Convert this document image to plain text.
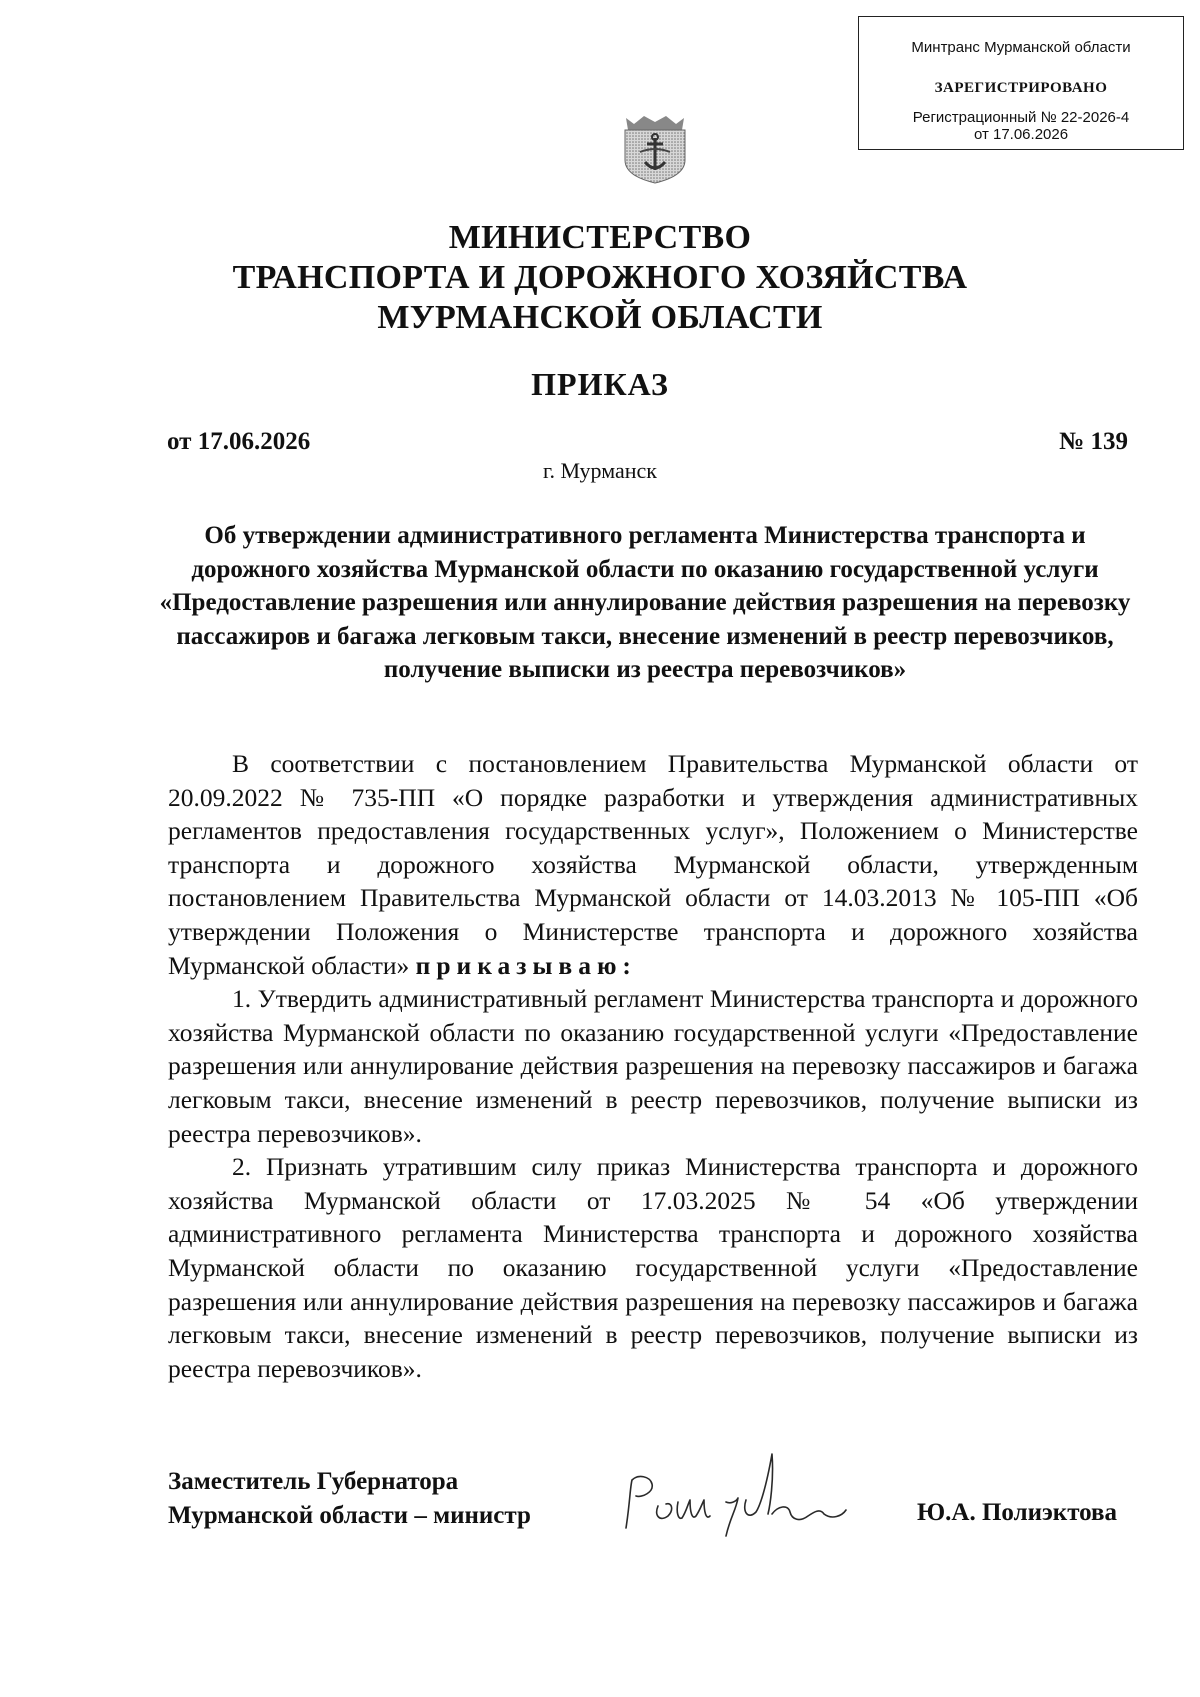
Минтранс Мурманской области
ЗАРЕГИСТРИРОВАНО
Регистрационный № 22-2026-4
от 17.06.2026
МИНИСТЕРСТВО
ТРАНСПОРТА И ДОРОЖНОГО ХОЗЯЙСТВА
МУРМАНСКОЙ ОБЛАСТИ
ПРИКАЗ
от 17.06.2026	№ 139
г. Мурманск
Об утверждении административного регламента Министерства транспорта и дорожного хозяйства Мурманской области по оказанию государственной услуги «Предоставление разрешения или аннулирование действия разрешения на перевозку пассажиров и багажа легковым такси, внесение изменений в реестр перевозчиков, получение выписки из реестра перевозчиков»

В соответствии с постановлением Правительства Мурманской области от 20.09.2022 № 735-ПП «О порядке разработки и утверждения административных регламентов предоставления государственных услуг», Положением о Министерстве транспорта и дорожного хозяйства Мурманской области, утвержденным постановлением Правительства Мурманской области от 14.03.2013 № 105-ПП «Об утверждении Положения о Министерстве транспорта и дорожного хозяйства Мурманской области» приказываю:

1. Утвердить административный регламент Министерства транспорта и дорожного хозяйства Мурманской области по оказанию государственной услуги «Предоставление разрешения или аннулирование действия разрешения на перевозку пассажиров и багажа легковым такси, внесение изменений в реестр перевозчиков, получение выписки из реестра перевозчиков».

2. Признать утратившим силу приказ Министерства транспорта и дорожного хозяйства Мурманской области от 17.03.2025 № 54 «Об утверждении административного регламента Министерства транспорта и дорожного хозяйства Мурманской области по оказанию государственной услуги «Предоставление разрешения или аннулирование действия разрешения на перевозку пассажиров и багажа легковым такси, внесение изменений в реестр перевозчиков, получение выписки из реестра перевозчиков».

Заместитель Губернатора
Мурманской области – министр	Ю.А. Полиэктова
